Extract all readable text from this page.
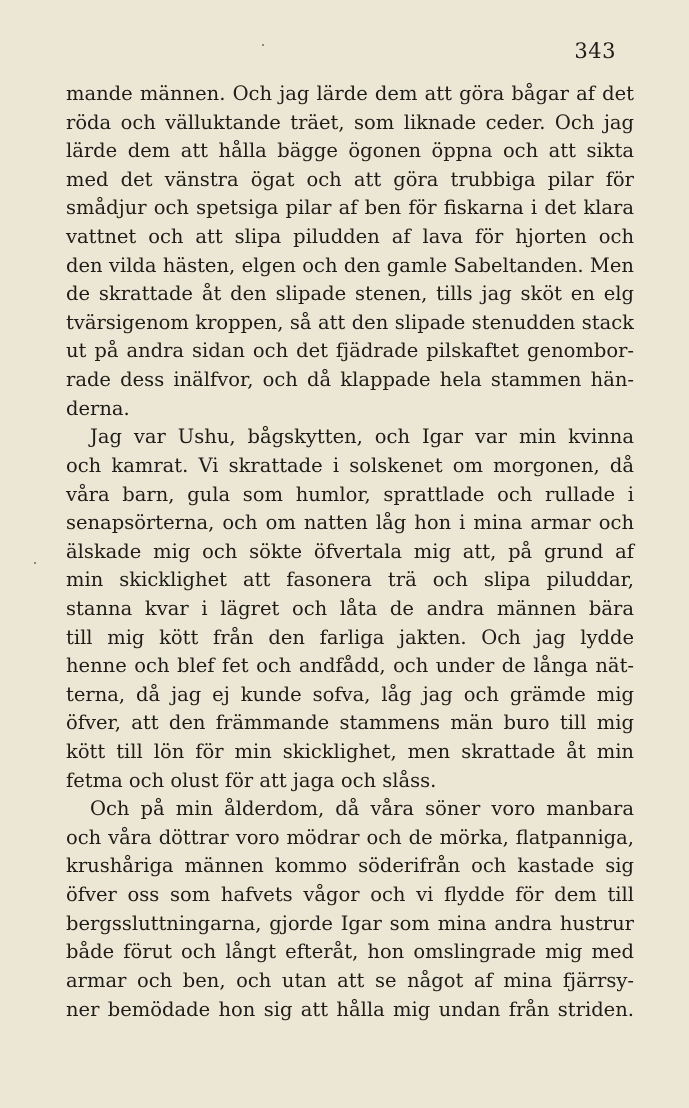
343
mande männen. Och jag lärde dem att göra bågar af det
röda och välluktande träet, som liknade ceder. Och jag
lärde dem att hålla bägge ögonen öppna och att sikta
med det vänstra ögat och att göra trubbiga pilar för
smådjur och spetsiga pilar af ben för fiskarna i det klara
vattnet och att slipa piludden af lava för hjorten och
den vilda hästen, elgen och den gamle Sabeltanden. Men
de skrattade åt den slipade stenen, tills jag sköt en elg
tvärsigenom kroppen, så att den slipade stenudden stack
ut på andra sidan och det fjädrade pilskaftet genombor-
rade dess inälfvor, och då klappade hela stammen hän-
derna.
Jag var Ushu, bågskytten, och Igar var min kvinna
och kamrat. Vi skrattade i solskenet om morgonen, då
våra barn, gula som humlor, sprattlade och rullade i
senapsörterna, och om natten låg hon i mina armar och
älskade mig och sökte öfvertala mig att, på grund af
min skicklighet att fasonera trä och slipa piluddar,
stanna kvar i lägret och låta de andra männen bära
till mig kött från den farliga jakten. Och jag lydde
henne och blef fet och andfådd, och under de långa nät-
terna, då jag ej kunde sofva, låg jag och grämde mig
öfver, att den främmande stammens män buro till mig
kött till lön för min skicklighet, men skrattade åt min
fetma och olust för att jaga och slåss.
Och på min ålderdom, då våra söner voro manbara
och våra döttrar voro mödrar och de mörka, flatpanniga,
krushåriga männen kommo söderifrån och kastade sig
öfver oss som hafvets vågor och vi flydde för dem till
bergssluttningarna, gjorde Igar som mina andra hustrur
både förut och långt efteråt, hon omslingrade mig med
armar och ben, och utan att se något af mina fjärrsy-
ner bemödade hon sig att hålla mig undan från striden.
